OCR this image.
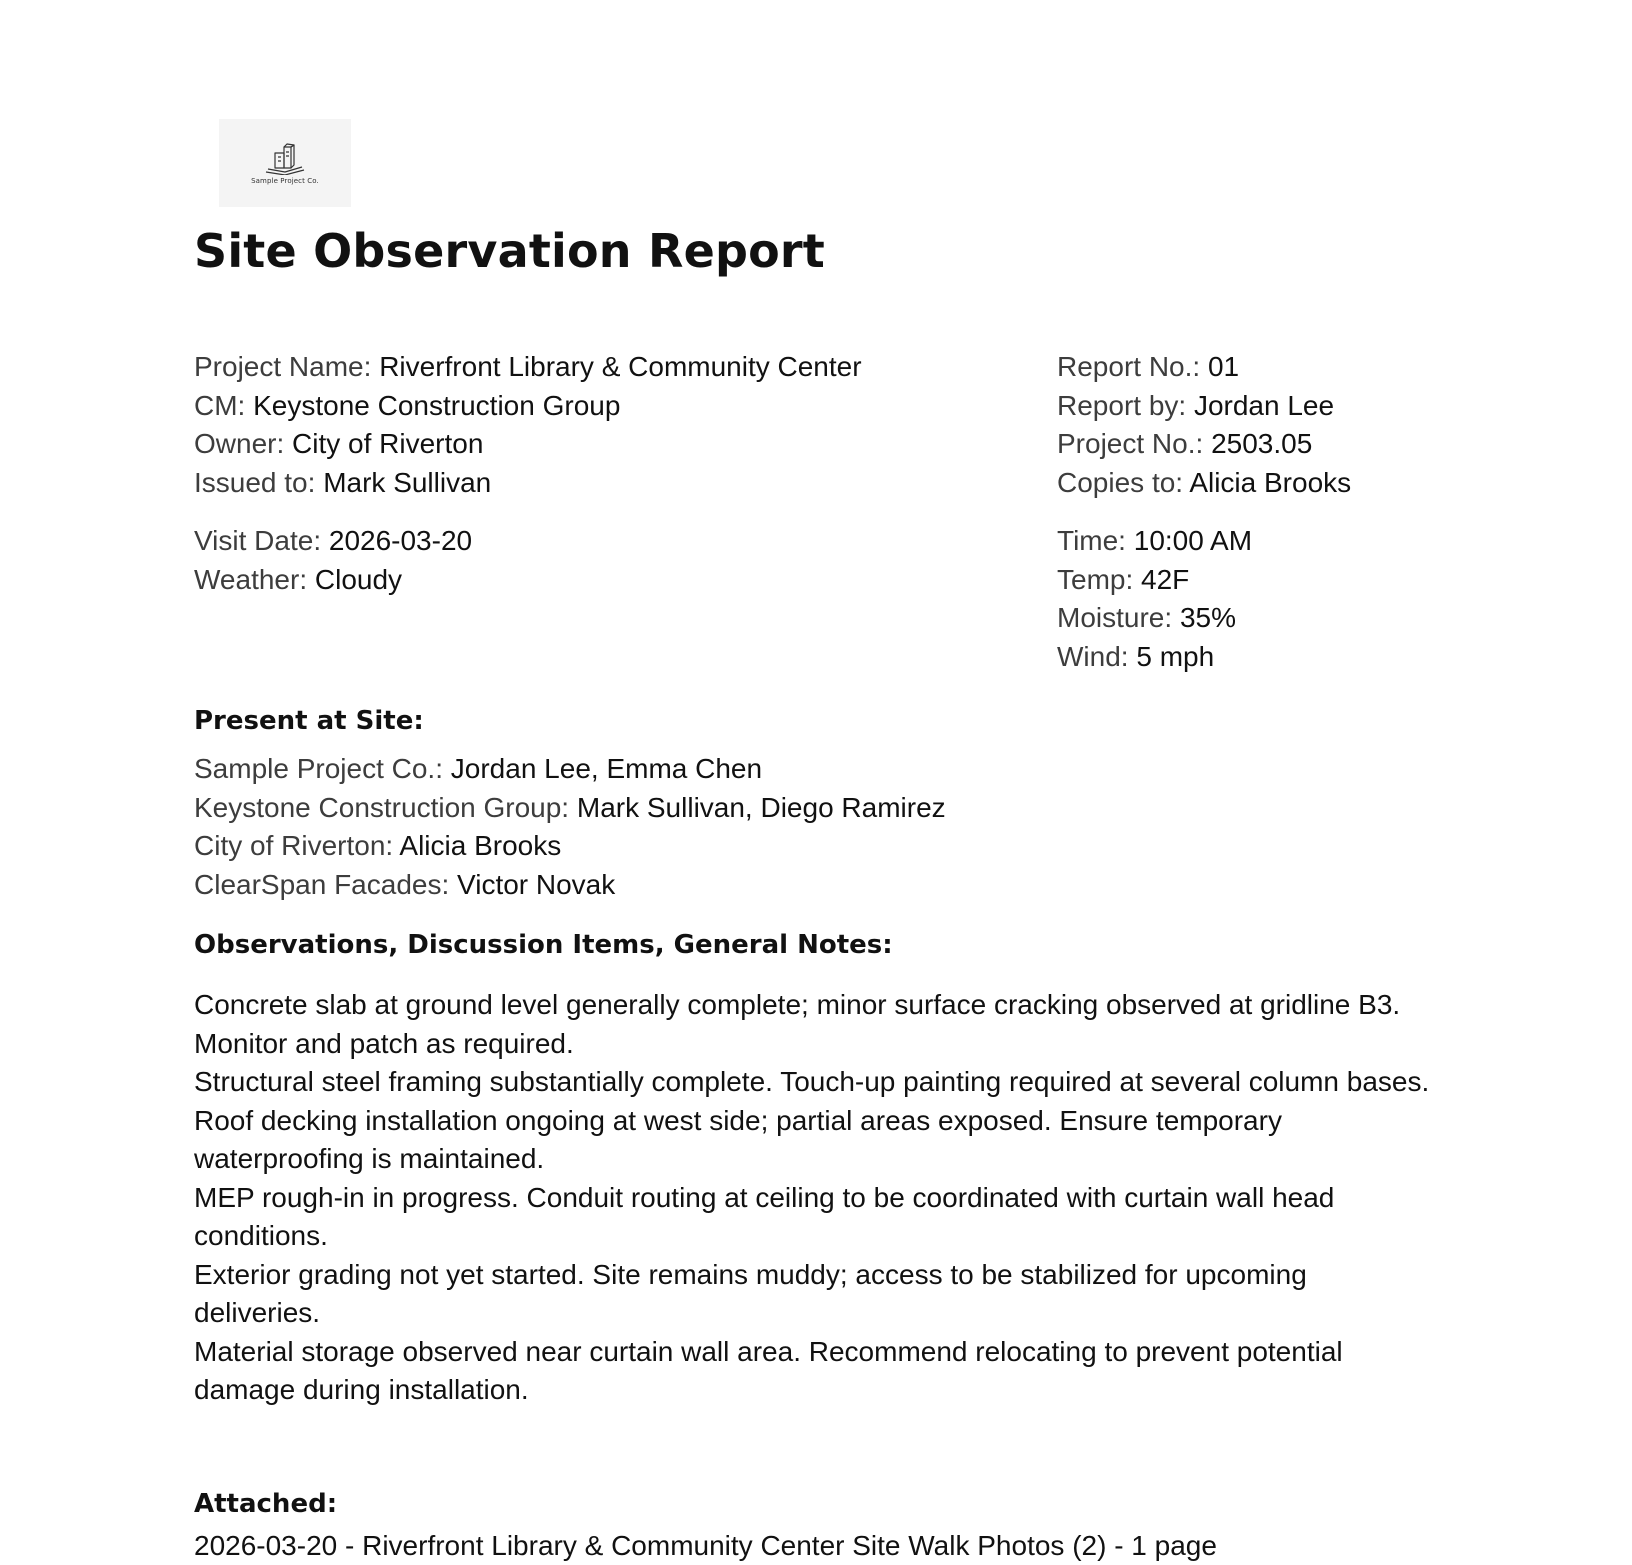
Sample Project Co.
Site Observation Report
Project Name: Riverfront Library & Community Center
CM: Keystone Construction Group
Owner: City of Riverton
Issued to: Mark Sullivan
Report No.: 01
Report by: Jordan Lee
Project No.: 2503.05
Copies to: Alicia Brooks
Visit Date: 2026-03-20
Weather: Cloudy
Time: 10:00 AM
Temp: 42F
Moisture: 35%
Wind: 5 mph
Present at Site:
Sample Project Co.: Jordan Lee, Emma Chen
Keystone Construction Group: Mark Sullivan, Diego Ramirez
City of Riverton: Alicia Brooks
ClearSpan Facades: Victor Novak
Observations, Discussion Items, General Notes:

Concrete slab at ground level generally complete; minor surface cracking observed at gridline B3. Monitor and patch as required.

Structural steel framing substantially complete. Touch-up painting required at several column bases.

Roof decking installation ongoing at west side; partial areas exposed. Ensure temporary waterproofing is maintained.

MEP rough-in in progress. Conduit routing at ceiling to be coordinated with curtain wall head conditions.

Exterior grading not yet started. Site remains muddy; access to be stabilized for upcoming deliveries.

Material storage observed near curtain wall area. Recommend relocating to prevent potential damage during installation.

Attached:
2026-03-20 - Riverfront Library & Community Center Site Walk Photos (2) - 1 page
